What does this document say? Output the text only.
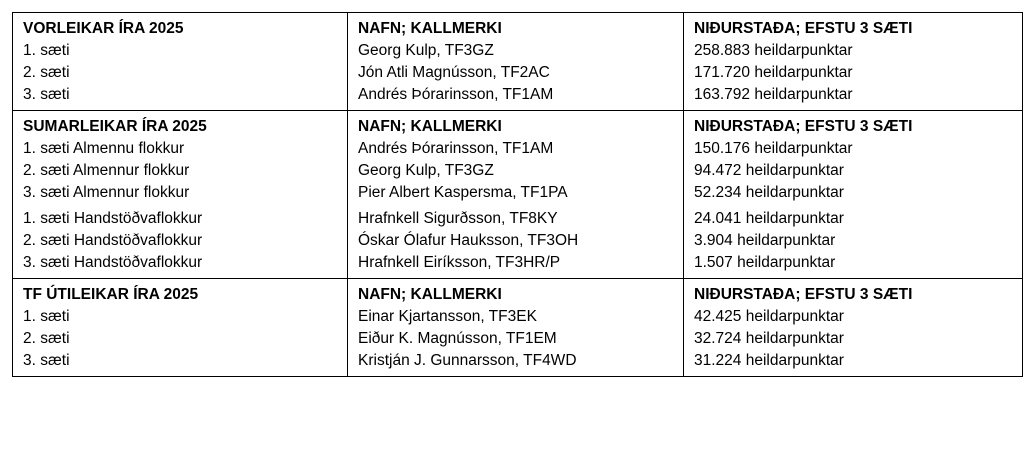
VORLEIKAR ÍRA 2025	NAFN; KALLMERKI	NIÐURSTAÐA; EFSTU 3 SÆTI
1. sæti	Georg Kulp, TF3GZ	258.883 heildarpunktar
2. sæti	Jón Atli Magnússon, TF2AC	171.720 heildarpunktar
3. sæti	Andrés Þórarinsson, TF1AM	163.792 heildarpunktar
SUMARLEIKAR ÍRA 2025	NAFN; KALLMERKI	NIÐURSTAÐA; EFSTU 3 SÆTI
1. sæti Almennu flokkur	Andrés Þórarinsson, TF1AM	150.176 heildarpunktar
2. sæti Almennur flokkur	Georg Kulp, TF3GZ	94.472 heildarpunktar
3. sæti Almennur flokkur	Pier Albert Kaspersma, TF1PA	52.234 heildarpunktar
1. sæti Handstöðvaflokkur	Hrafnkell Sigurðsson, TF8KY	24.041 heildarpunktar
2. sæti Handstöðvaflokkur	Óskar Ólafur Hauksson, TF3OH	3.904 heildarpunktar
3. sæti Handstöðvaflokkur	Hrafnkell Eiríksson, TF3HR/P	1.507 heildarpunktar
TF ÚTILEIKAR ÍRA 2025	NAFN; KALLMERKI	NIÐURSTAÐA; EFSTU 3 SÆTI
1. sæti	Einar Kjartansson, TF3EK	42.425 heildarpunktar
2. sæti	Eiður K. Magnússon, TF1EM	32.724 heildarpunktar
3. sæti	Kristján J. Gunnarsson, TF4WD	31.224 heildarpunktar
